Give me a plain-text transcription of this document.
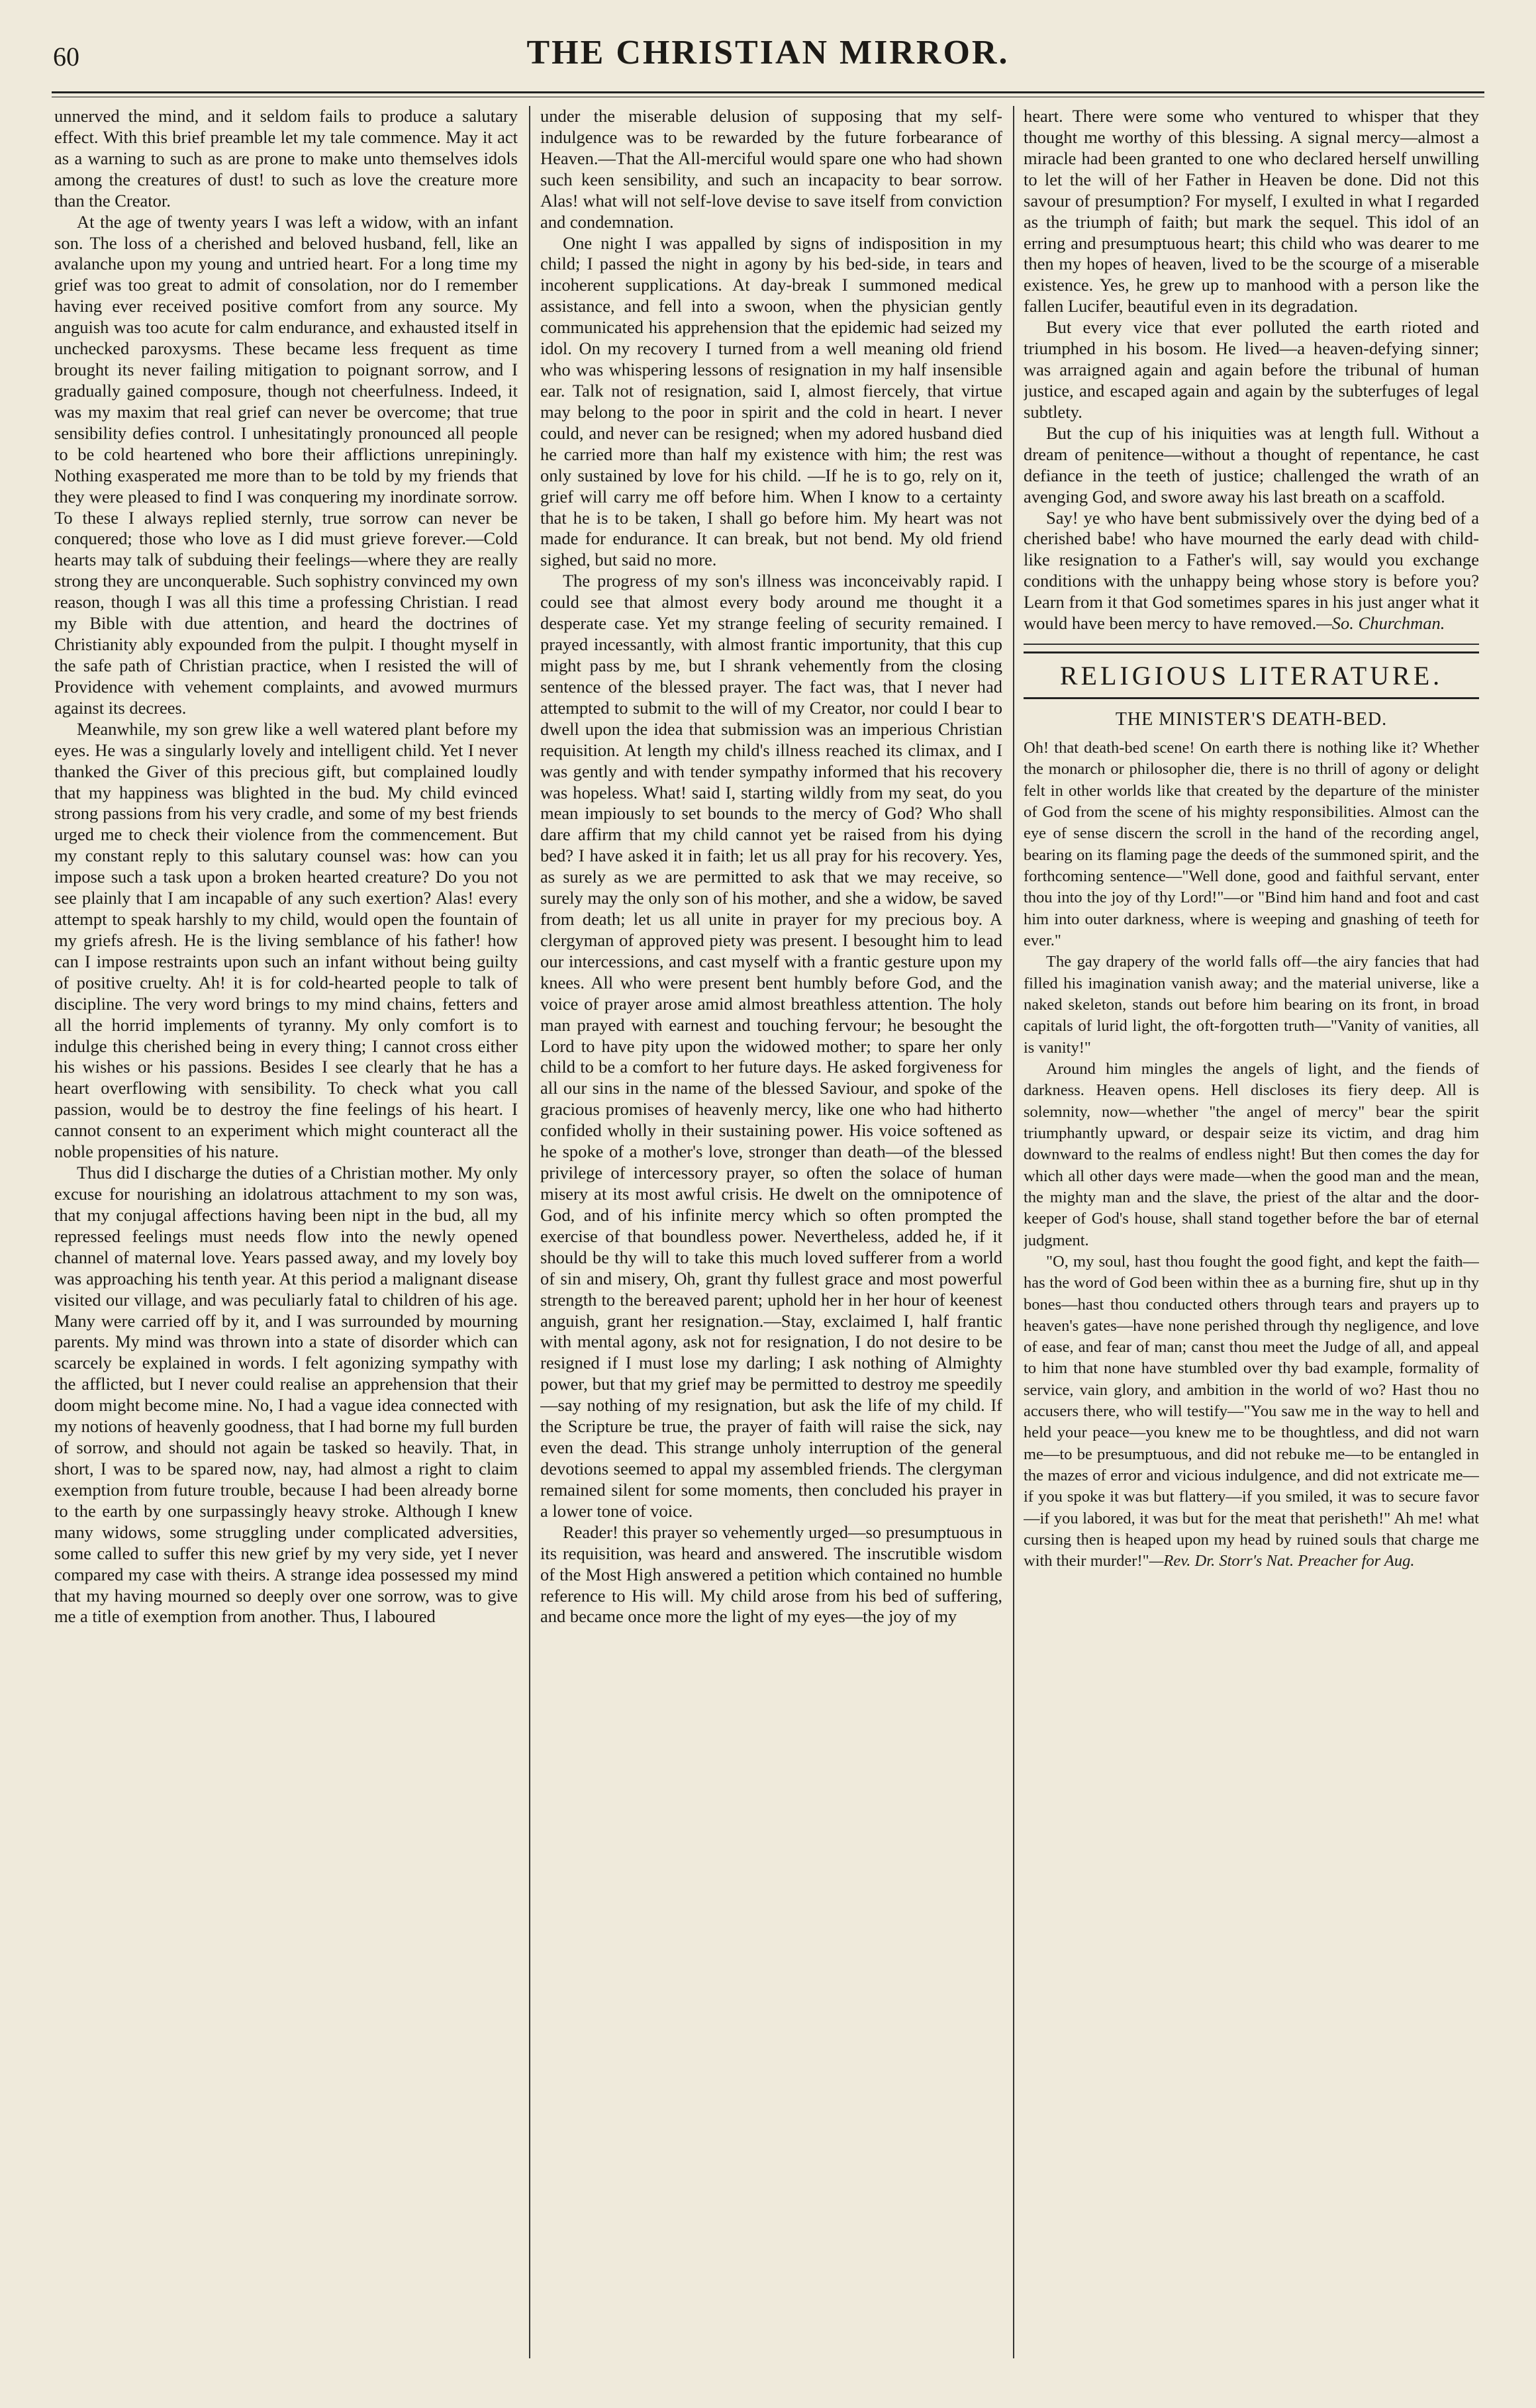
60	THE CHRISTIAN MIRROR.

unnerved the mind, and it seldom fails to produce a salutary effect. With this brief preamble let my tale commence. May it act as a warning to such as are prone to make unto themselves idols among the creatures of dust! to such as love the creature more than the Creator.

At the age of twenty years I was left a widow, with an infant son. The loss of a cherished and beloved husband, fell, like an avalanche upon my young and untried heart. For a long time my grief was too great to admit of consolation, nor do I remember having ever received positive comfort from any source. My anguish was too acute for calm endurance, and exhausted itself in unchecked paroxysms. These became less frequent as time brought its never failing mitigation to poignant sorrow, and I gradually gained composure, though not cheerfulness. Indeed, it was my maxim that real grief can never be overcome; that true sensibility defies control. I unhesitatingly pronounced all people to be cold heartened who bore their afflictions unrepiningly. Nothing exasperated me more than to be told by my friends that they were pleased to find I was conquering my inordinate sorrow. To these I always replied sternly, true sorrow can never be conquered; those who love as I did must grieve forever.—Cold hearts may talk of subduing their feelings—where they are really strong they are unconquerable. Such sophistry convinced my own reason, though I was all this time a professing Christian. I read my Bible with due attention, and heard the doctrines of Christianity ably expounded from the pulpit. I thought myself in the safe path of Christian practice, when I resisted the will of Providence with vehement complaints, and avowed murmurs against its decrees.

Meanwhile, my son grew like a well watered plant before my eyes. He was a singularly lovely and intelligent child. Yet I never thanked the Giver of this precious gift, but complained loudly that my happiness was blighted in the bud. My child evinced strong passions from his very cradle, and some of my best friends urged me to check their violence from the commencement. But my constant reply to this salutary counsel was: how can you impose such a task upon a broken hearted creature? Do you not see plainly that I am incapable of any such exertion? Alas! every attempt to speak harshly to my child, would open the fountain of my griefs afresh. He is the living semblance of his father! how can I impose restraints upon such an infant without being guilty of positive cruelty. Ah! it is for cold-hearted people to talk of discipline. The very word brings to my mind chains, fetters and all the horrid implements of tyranny. My only comfort is to indulge this cherished being in every thing; I cannot cross either his wishes or his passions. Besides I see clearly that he has a heart overflowing with sensibility. To check what you call passion, would be to destroy the fine feelings of his heart. I cannot consent to an experiment which might counteract all the noble propensities of his nature.

Thus did I discharge the duties of a Christian mother. My only excuse for nourishing an idolatrous attachment to my son was, that my conjugal affections having been nipt in the bud, all my repressed feelings must needs flow into the newly opened channel of maternal love. Years passed away, and my lovely boy was approaching his tenth year. At this period a malignant disease visited our village, and was peculiarly fatal to children of his age. Many were carried off by it, and I was surrounded by mourning parents. My mind was thrown into a state of disorder which can scarcely be explained in words. I felt agonizing sympathy with the afflicted, but I never could realise an apprehension that their doom might become mine. No, I had a vague idea connected with my notions of heavenly goodness, that I had borne my full burden of sorrow, and should not again be tasked so heavily. That, in short, I was to be spared now, nay, had almost a right to claim exemption from future trouble, because I had been already borne to the earth by one surpassingly heavy stroke. Although I knew many widows, some struggling under complicated adversities, some called to suffer this new grief by my very side, yet I never compared my case with theirs. A strange idea possessed my mind that my having mourned so deeply over one sorrow, was to give me a title of exemption from another. Thus, I laboured

under the miserable delusion of supposing that my self-indulgence was to be rewarded by the future forbearance of Heaven.—That the All-merciful would spare one who had shown such keen sensibility, and such an incapacity to bear sorrow. Alas! what will not self-love devise to save itself from conviction and condemnation.

One night I was appalled by signs of indisposition in my child; I passed the night in agony by his bed-side, in tears and incoherent supplications. At day-break I summoned medical assistance, and fell into a swoon, when the physician gently communicated his apprehension that the epidemic had seized my idol. On my recovery I turned from a well meaning old friend who was whispering lessons of resignation in my half insensible ear. Talk not of resignation, said I, almost fiercely, that virtue may belong to the poor in spirit and the cold in heart. I never could, and never can be resigned; when my adored husband died he carried more than half my existence with him; the rest was only sustained by love for his child. —If he is to go, rely on it, grief will carry me off before him. When I know to a certainty that he is to be taken, I shall go before him. My heart was not made for endurance. It can break, but not bend. My old friend sighed, but said no more.

The progress of my son's illness was inconceivably rapid. I could see that almost every body around me thought it a desperate case. Yet my strange feeling of security remained. I prayed incessantly, with almost frantic importunity, that this cup might pass by me, but I shrank vehemently from the closing sentence of the blessed prayer. The fact was, that I never had attempted to submit to the will of my Creator, nor could I bear to dwell upon the idea that submission was an imperious Christian requisition. At length my child's illness reached its climax, and I was gently and with tender sympathy informed that his recovery was hopeless. What! said I, starting wildly from my seat, do you mean impiously to set bounds to the mercy of God? Who shall dare affirm that my child cannot yet be raised from his dying bed? I have asked it in faith; let us all pray for his recovery. Yes, as surely as we are permitted to ask that we may receive, so surely may the only son of his mother, and she a widow, be saved from death; let us all unite in prayer for my precious boy. A clergyman of approved piety was present. I besought him to lead our intercessions, and cast myself with a frantic gesture upon my knees. All who were present bent humbly before God, and the voice of prayer arose amid almost breathless attention. The holy man prayed with earnest and touching fervour; he besought the Lord to have pity upon the widowed mother; to spare her only child to be a comfort to her future days. He asked forgiveness for all our sins in the name of the blessed Saviour, and spoke of the gracious promises of heavenly mercy, like one who had hitherto confided wholly in their sustaining power. His voice softened as he spoke of a mother's love, stronger than death—of the blessed privilege of intercessory prayer, so often the solace of human misery at its most awful crisis. He dwelt on the omnipotence of God, and of his infinite mercy which so often prompted the exercise of that boundless power. Nevertheless, added he, if it should be thy will to take this much loved sufferer from a world of sin and misery, Oh, grant thy fullest grace and most powerful strength to the bereaved parent; uphold her in her hour of keenest anguish, grant her resignation.—Stay, exclaimed I, half frantic with mental agony, ask not for resignation, I do not desire to be resigned if I must lose my darling; I ask nothing of Almighty power, but that my grief may be permitted to destroy me speedily—say nothing of my resignation, but ask the life of my child. If the Scripture be true, the prayer of faith will raise the sick, nay even the dead. This strange unholy interruption of the general devotions seemed to appal my assembled friends. The clergyman remained silent for some moments, then concluded his prayer in a lower tone of voice.

Reader! this prayer so vehemently urged—so presumptuous in its requisition, was heard and answered. The inscrutible wisdom of the Most High answered a petition which contained no humble reference to His will. My child arose from his bed of suffering, and became once more the light of my eyes—the joy of my

heart. There were some who ventured to whisper that they thought me worthy of this blessing. A signal mercy—almost a miracle had been granted to one who declared herself unwilling to let the will of her Father in Heaven be done. Did not this savour of presumption? For myself, I exulted in what I regarded as the triumph of faith; but mark the sequel. This idol of an erring and presumptuous heart; this child who was dearer to me then my hopes of heaven, lived to be the scourge of a miserable existence. Yes, he grew up to manhood with a person like the fallen Lucifer, beautiful even in its degradation.

But every vice that ever polluted the earth rioted and triumphed in his bosom. He lived—a heaven-defying sinner; was arraigned again and again before the tribunal of human justice, and escaped again and again by the subterfuges of legal subtlety.

But the cup of his iniquities was at length full. Without a dream of penitence—without a thought of repentance, he cast defiance in the teeth of justice; challenged the wrath of an avenging God, and swore away his last breath on a scaffold.

Say! ye who have bent submissively over the dying bed of a cherished babe! who have mourned the early dead with child-like resignation to a Father's will, say would you exchange conditions with the unhappy being whose story is before you? Learn from it that God sometimes spares in his just anger what it would have been mercy to have removed.—So. Churchman.

RELIGIOUS LITERATURE.
THE MINISTER'S DEATH-BED.

Oh! that death-bed scene! On earth there is nothing like it? Whether the monarch or philosopher die, there is no thrill of agony or delight felt in other worlds like that created by the departure of the minister of God from the scene of his mighty responsibilities. Almost can the eye of sense discern the scroll in the hand of the recording angel, bearing on its flaming page the deeds of the summoned spirit, and the forthcoming sentence—"Well done, good and faithful servant, enter thou into the joy of thy Lord!"—or "Bind him hand and foot and cast him into outer darkness, where is weeping and gnashing of teeth for ever."

The gay drapery of the world falls off—the airy fancies that had filled his imagination vanish away; and the material universe, like a naked skeleton, stands out before him bearing on its front, in broad capitals of lurid light, the oft-forgotten truth—"Vanity of vanities, all is vanity!"

Around him mingles the angels of light, and the fiends of darkness. Heaven opens. Hell discloses its fiery deep. All is solemnity, now—whether "the angel of mercy" bear the spirit triumphantly upward, or despair seize its victim, and drag him downward to the realms of endless night! But then comes the day for which all other days were made—when the good man and the mean, the mighty man and the slave, the priest of the altar and the door-keeper of God's house, shall stand together before the bar of eternal judgment.

"O, my soul, hast thou fought the good fight, and kept the faith—has the word of God been within thee as a burning fire, shut up in thy bones—hast thou conducted others through tears and prayers up to heaven's gates—have none perished through thy negligence, and love of ease, and fear of man; canst thou meet the Judge of all, and appeal to him that none have stumbled over thy bad example, formality of service, vain glory, and ambition in the world of wo? Hast thou no accusers there, who will testify—"You saw me in the way to hell and held your peace—you knew me to be thoughtless, and did not warn me—to be presumptuous, and did not rebuke me—to be entangled in the mazes of error and vicious indulgence, and did not extricate me—if you spoke it was but flattery—if you smiled, it was to secure favor—if you labored, it was but for the meat that perisheth!" Ah me! what cursing then is heaped upon my head by ruined souls that charge me with their murder!"—Rev. Dr. Storr's Nat. Preacher for Aug.
